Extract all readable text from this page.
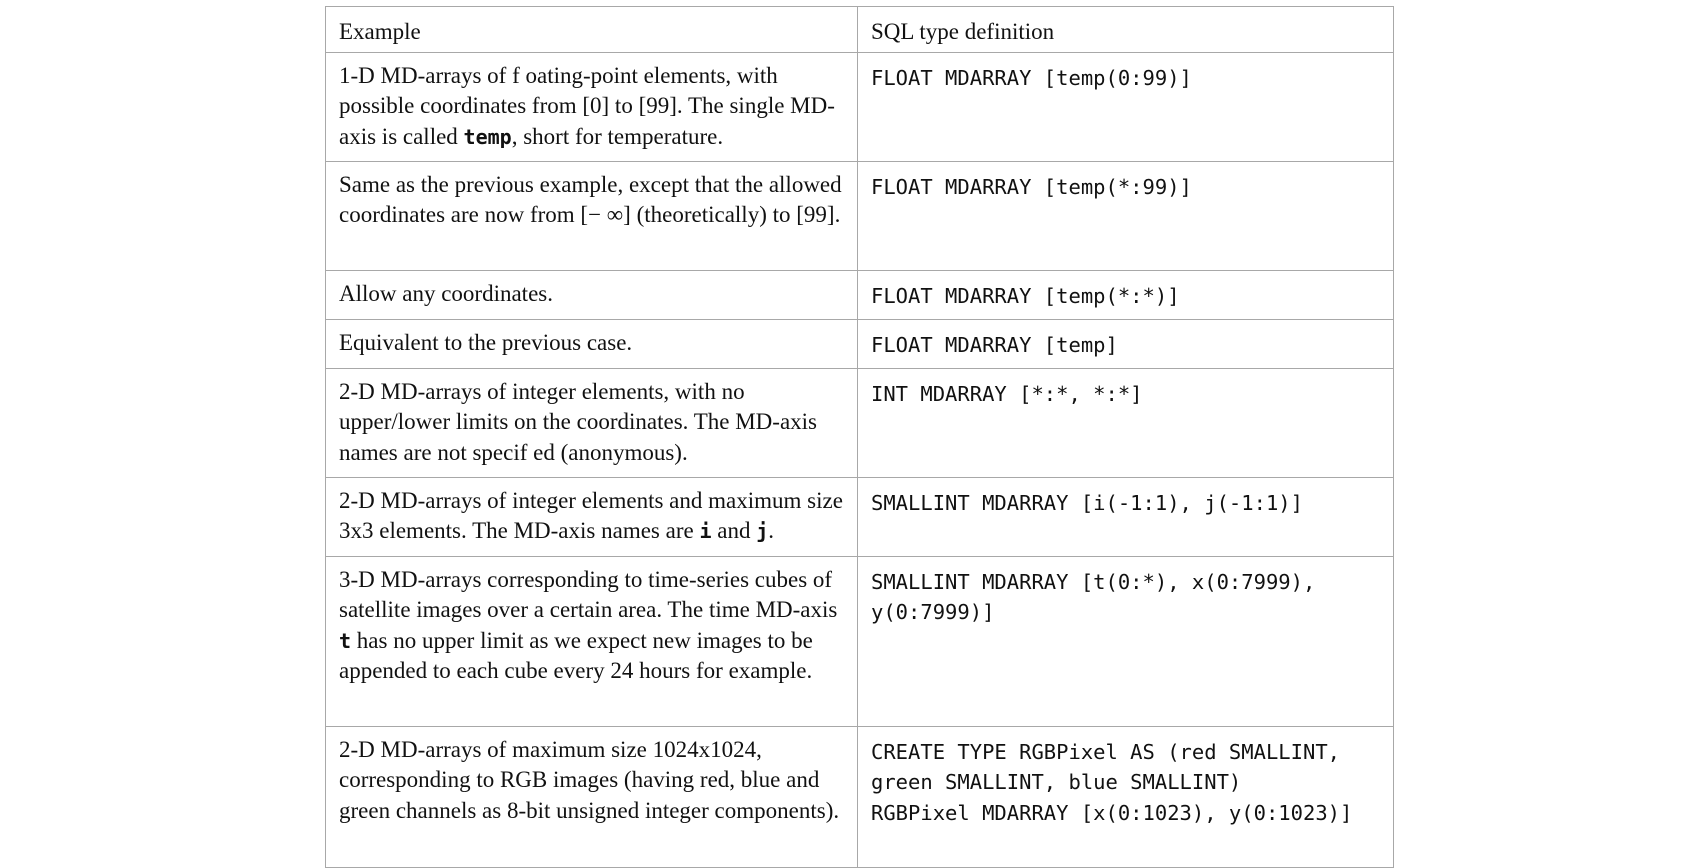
Example	SQL type definition
1-D MD-arrays of f oating-point elements, with possible coordinates from [0] to [99]. The single MD-axis is called temp, short for temperature.	FLOAT MDARRAY [temp(0:99)]
Same as the previous example, except that the allowed coordinates are now from [− ∞] (theoretically) to [99].	FLOAT MDARRAY [temp(*:99)]
Allow any coordinates.	FLOAT MDARRAY [temp(*:*)]
Equivalent to the previous case.	FLOAT MDARRAY [temp]
2-D MD-arrays of integer elements, with no upper/lower limits on the coordinates. The MD-axis names are not specif ed (anonymous).	INT MDARRAY [*:*, *:*]
2-D MD-arrays of integer elements and maximum size 3x3 elements. The MD-axis names are i and j.	SMALLINT MDARRAY [i(-1:1), j(-1:1)]
3-D MD-arrays corresponding to time-series cubes of satellite images over a certain area. The time MD-axis t has no upper limit as we expect new images to be appended to each cube every 24 hours for example.	SMALLINT MDARRAY [t(0:*), x(0:7999),
y(0:7999)]
2-D MD-arrays of maximum size 1024x1024, corresponding to RGB images (having red, blue and green channels as 8-bit unsigned integer components).	CREATE TYPE RGBPixel AS (red SMALLINT,
green SMALLINT, blue SMALLINT)
RGBPixel MDARRAY [x(0:1023), y(0:1023)]
